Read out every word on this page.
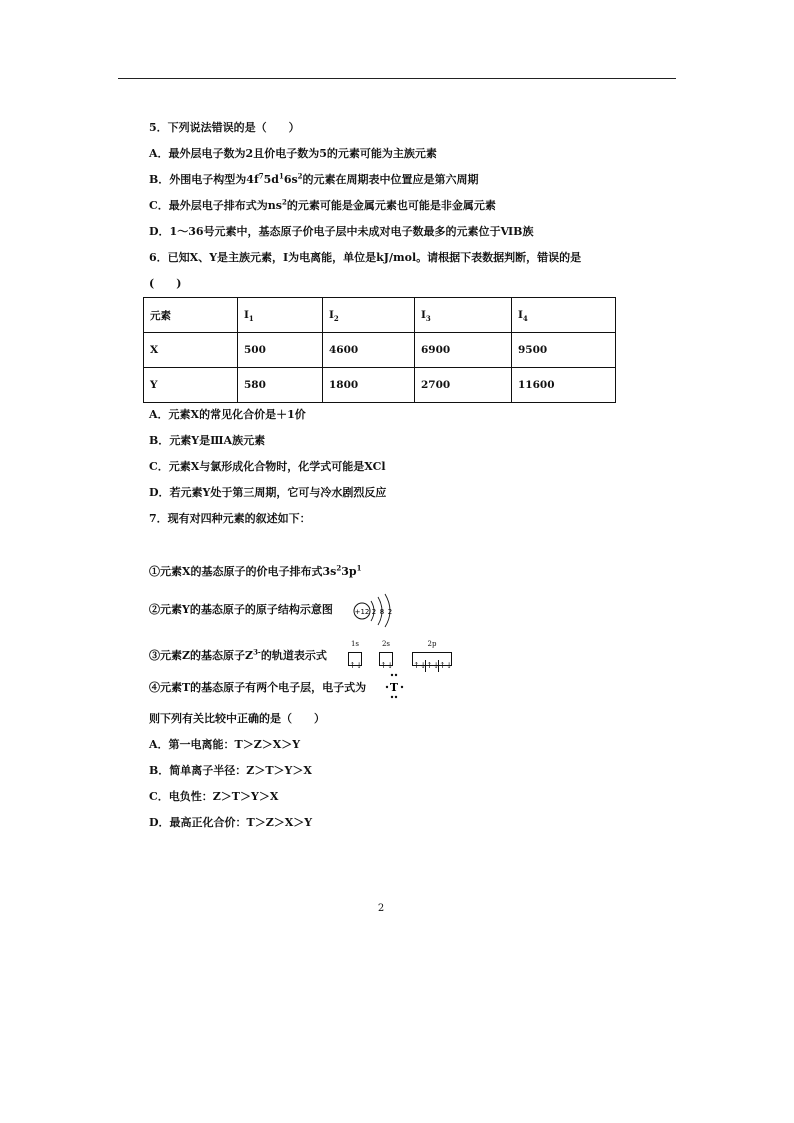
5．下列说法错误的是（　　）
A．最外层电子数为2且价电子数为5的元素可能为主族元素
B．外围电子构型为$4f^75d^16s^2$的元素在周期表中位置应是第六周期
C．最外层电子排布式为$ns^2$的元素可能是金属元素也可能是非金属元素
D．1～36号元素中，基态原子价电子层中未成对电子数最多的元素位于ⅥB族
6．已知X、Y是主族元素，I为电离能，单位是kJ/mol。请根据下表数据判断，错误的是
(　　)
元素	$I_1$	$I_2$	$I_3$	$I_4$
X	500	4600	6900	9500
Y	580	1800	2700	11600
A．元素X的常见化合价是＋1价
B．元素Y是ⅢA族元素
C．元素X与氯形成化合物时，化学式可能是XCl
D．若元素Y处于第三周期，它可与冷水剧烈反应
7．现有对四种元素的叙述如下：
①元素X的基态原子的价电子排布式$3s^23p^1$
②元素Y的基态原子的原子结构示意图	+12 2 8 2
③元素Z的基态原子$Z^{3-}$的轨道表示式
1s
↑↓
2s
↑↓
2p
↑↓↑↓↑↓
④元素T的基态原子有两个电子层，电子式为 T
则下列有关比较中正确的是（　　）
A．第一电离能：T＞Z＞X＞Y
B．简单离子半径：Z＞T＞Y＞X
C．电负性：Z＞T＞Y＞X
D．最高正化合价：T＞Z＞X＞Y
2
